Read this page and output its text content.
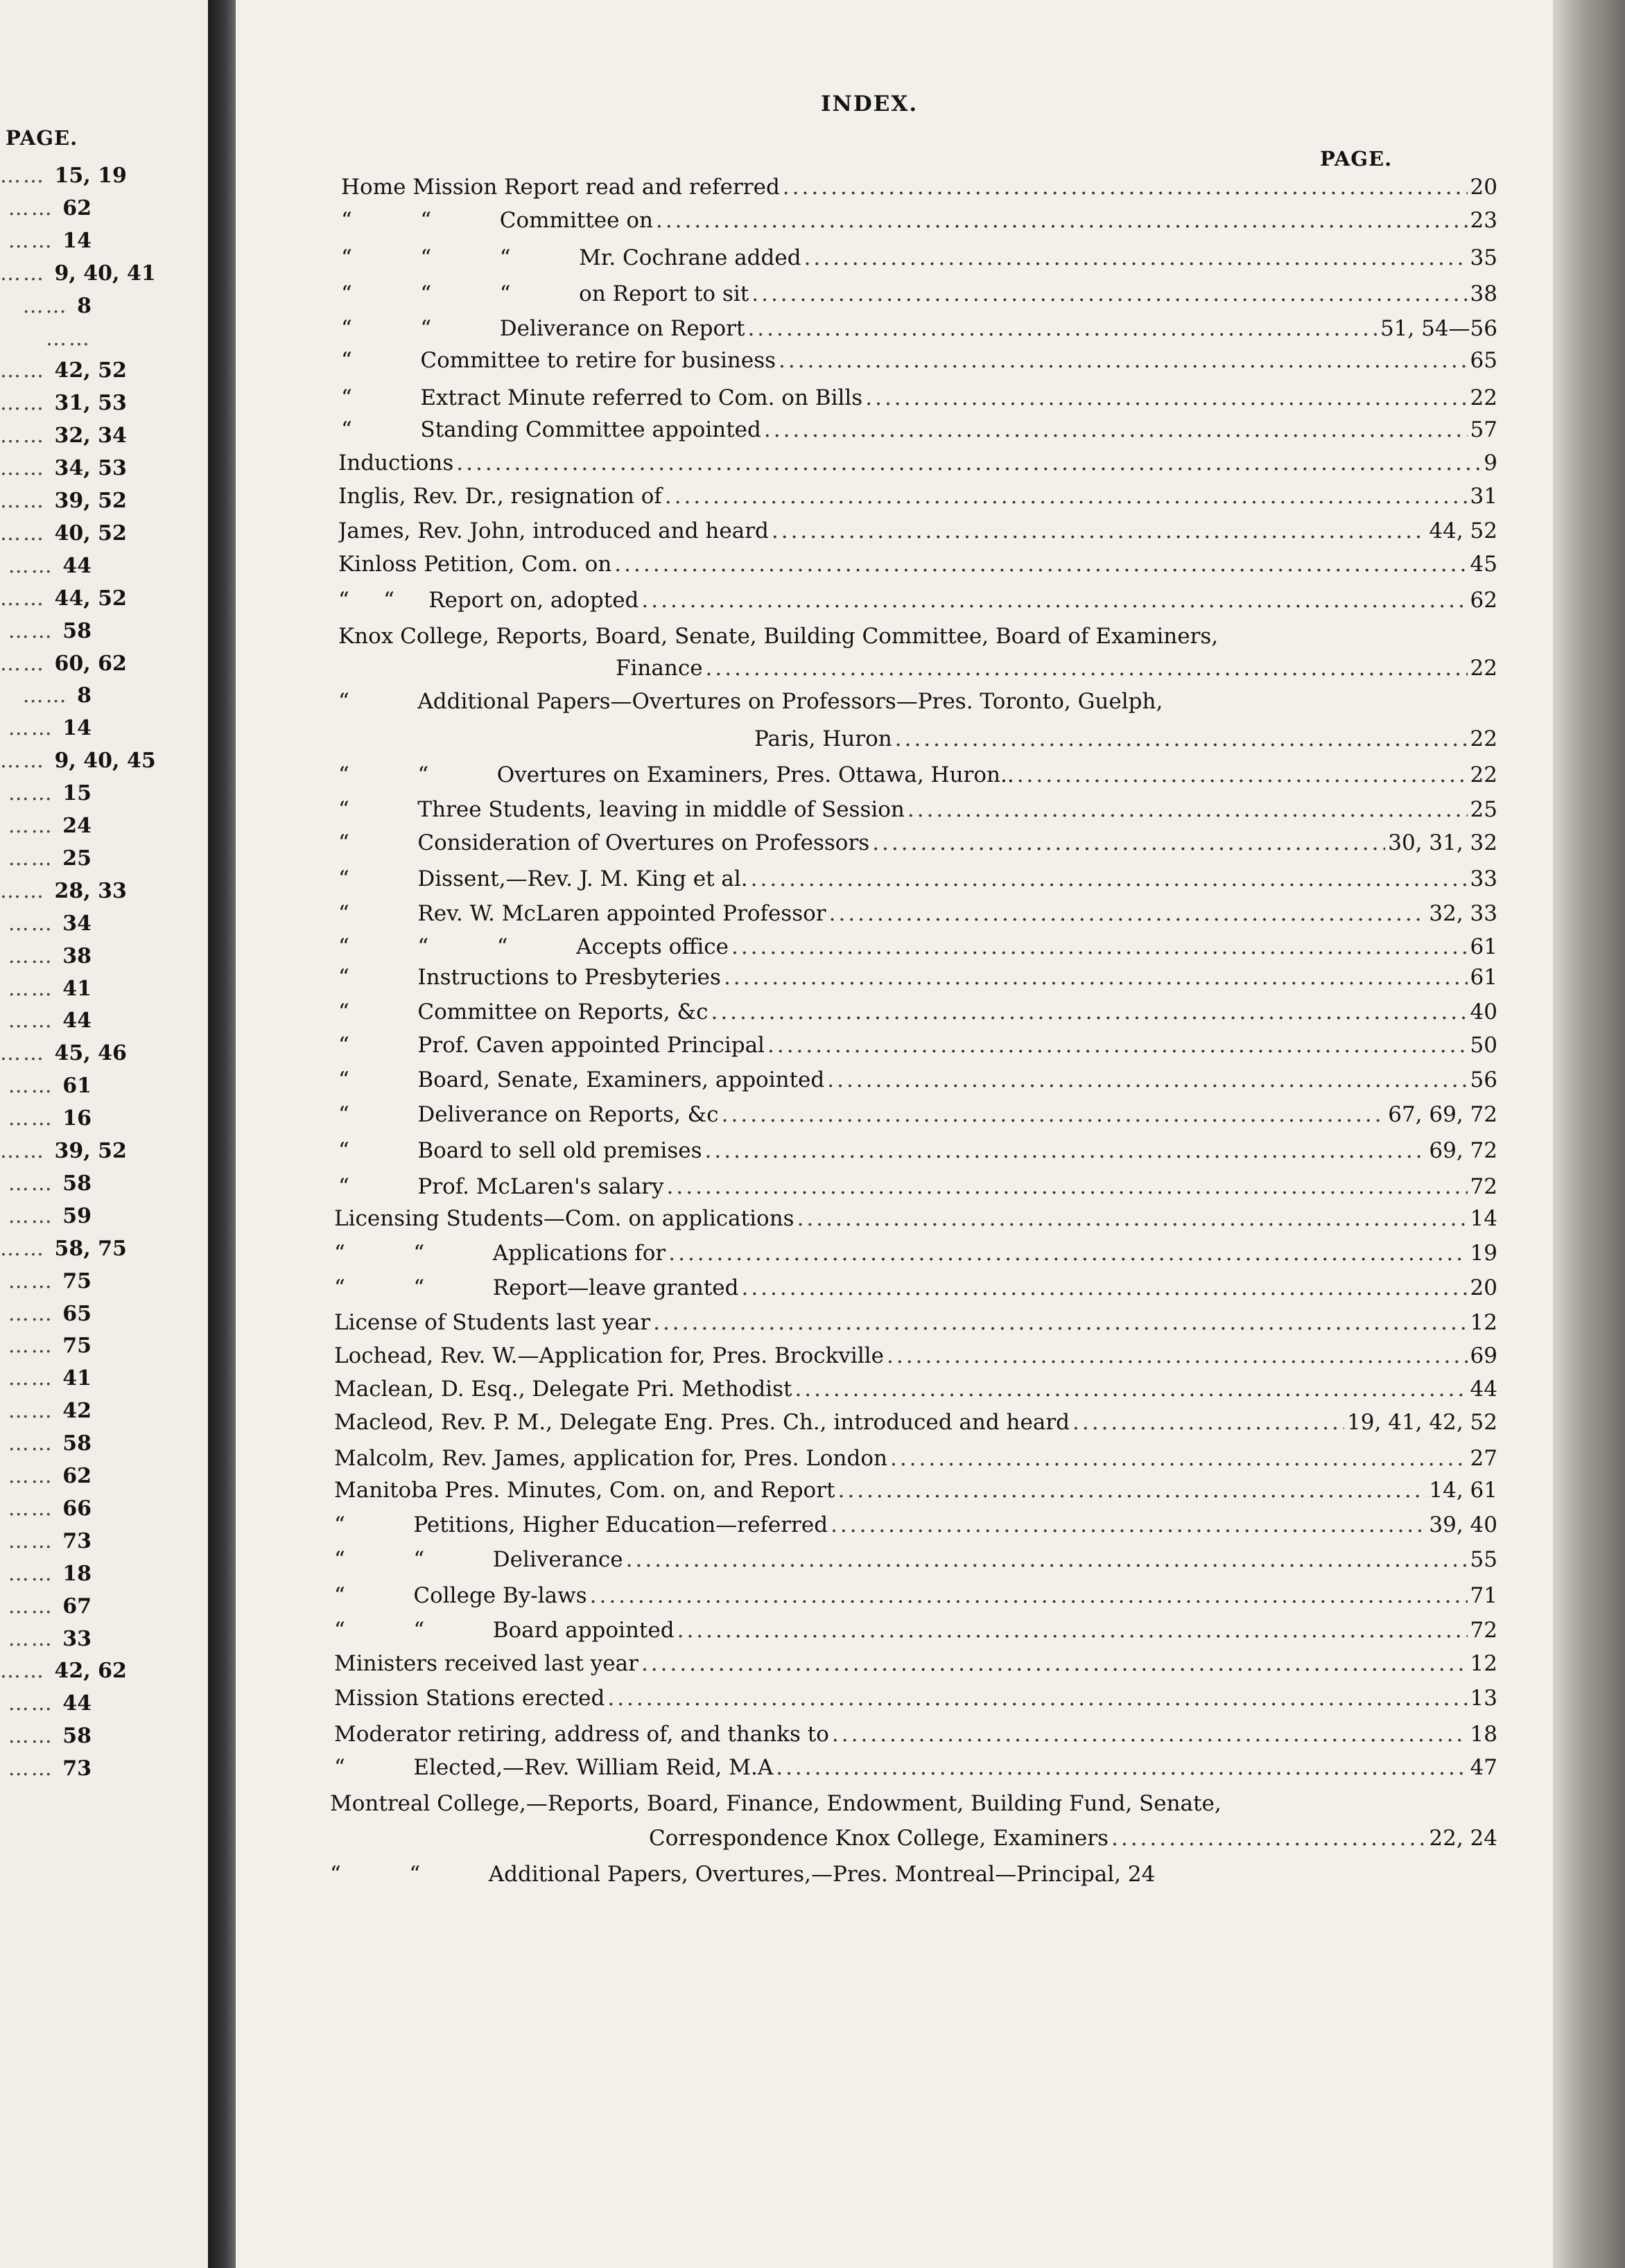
PAGE.
…… 15, 19
…… 62
…… 14
…… 9, 40, 41
…… 8
……
…… 42, 52
…… 31, 53
…… 32, 34
…… 34, 53
…… 39, 52
…… 40, 52
…… 44
…… 44, 52
…… 58
…… 60, 62
…… 8
…… 14
…… 9, 40, 45
…… 15
…… 24
…… 25
…… 28, 33
…… 34
…… 38
…… 41
…… 44
…… 45, 46
…… 61
…… 16
…… 39, 52
…… 58
…… 59
…… 58, 75
…… 75
…… 65
…… 75
…… 41
…… 42
…… 58
…… 62
…… 66
…… 73
…… 18
…… 67
…… 33
…… 42, 62
…… 44
…… 58
…… 73
INDEX.
PAGE.
Home Mission Report read and referred .....	20
“          “          Committee on .....	23
“          “          “          Mr. Cochrane added .....	35
“          “          “          on Report to sit .....	38
“          “          Deliverance on Report .....	51, 54—56
“          Committee to retire for business .....	65
“          Extract Minute referred to Com. on Bills .....	22
“          Standing Committee appointed .....	57
Inductions .....	9
Inglis, Rev. Dr., resignation of .....	31
James, Rev. John, introduced and heard .....	44, 52
Kinloss Petition, Com. on .....	45
“     “     Report on, adopted .....	62
Knox College, Reports, Board, Senate, Building Committee, Board of Examiners,
Finance .....	22
“          Additional Papers—Overtures on Professors—Pres. Toronto, Guelph,
Paris, Huron .....	22
“          “          Overtures on Examiners, Pres. Ottawa, Huron.. .....	22
“          Three Students, leaving in middle of Session .....	25
“          Consideration of Overtures on Professors .....	30, 31, 32
“          Dissent,—Rev. J. M. King et al. .....	33
“          Rev. W. McLaren appointed Professor .....	32, 33
“          “          “          Accepts office .....	61
“          Instructions to Presbyteries .....	61
“          Committee on Reports, &c .....	40
“          Prof. Caven appointed Principal .....	50
“          Board, Senate, Examiners, appointed .....	56
“          Deliverance on Reports, &c .....	67, 69, 72
“          Board to sell old premises .....	69, 72
“          Prof. McLaren's salary .....	72
Licensing Students—Com. on applications .....	14
“          “          Applications for .....	19
“          “          Report—leave granted .....	20
License of Students last year .....	12
Lochead, Rev. W.—Application for, Pres. Brockville .....	69
Maclean, D. Esq., Delegate Pri. Methodist .....	44
Macleod, Rev. P. M., Delegate Eng. Pres. Ch., introduced and heard .....	19, 41, 42, 52
Malcolm, Rev. James, application for, Pres. London .....	27
Manitoba Pres. Minutes, Com. on, and Report .....	14, 61
“          Petitions, Higher Education—referred .....	39, 40
“          “          Deliverance .....	55
“          College By-laws .....	71
“          “          Board appointed .....	72
Ministers received last year .....	12
Mission Stations erected .....	13
Moderator retiring, address of, and thanks to .....	18
“          Elected,—Rev. William Reid, M.A .....	47
Montreal College,—Reports, Board, Finance, Endowment, Building Fund, Senate,
Correspondence Knox College, Examiners .....	22, 24
“          “          Additional Papers, Overtures,—Pres. Montreal—Principal, 24
